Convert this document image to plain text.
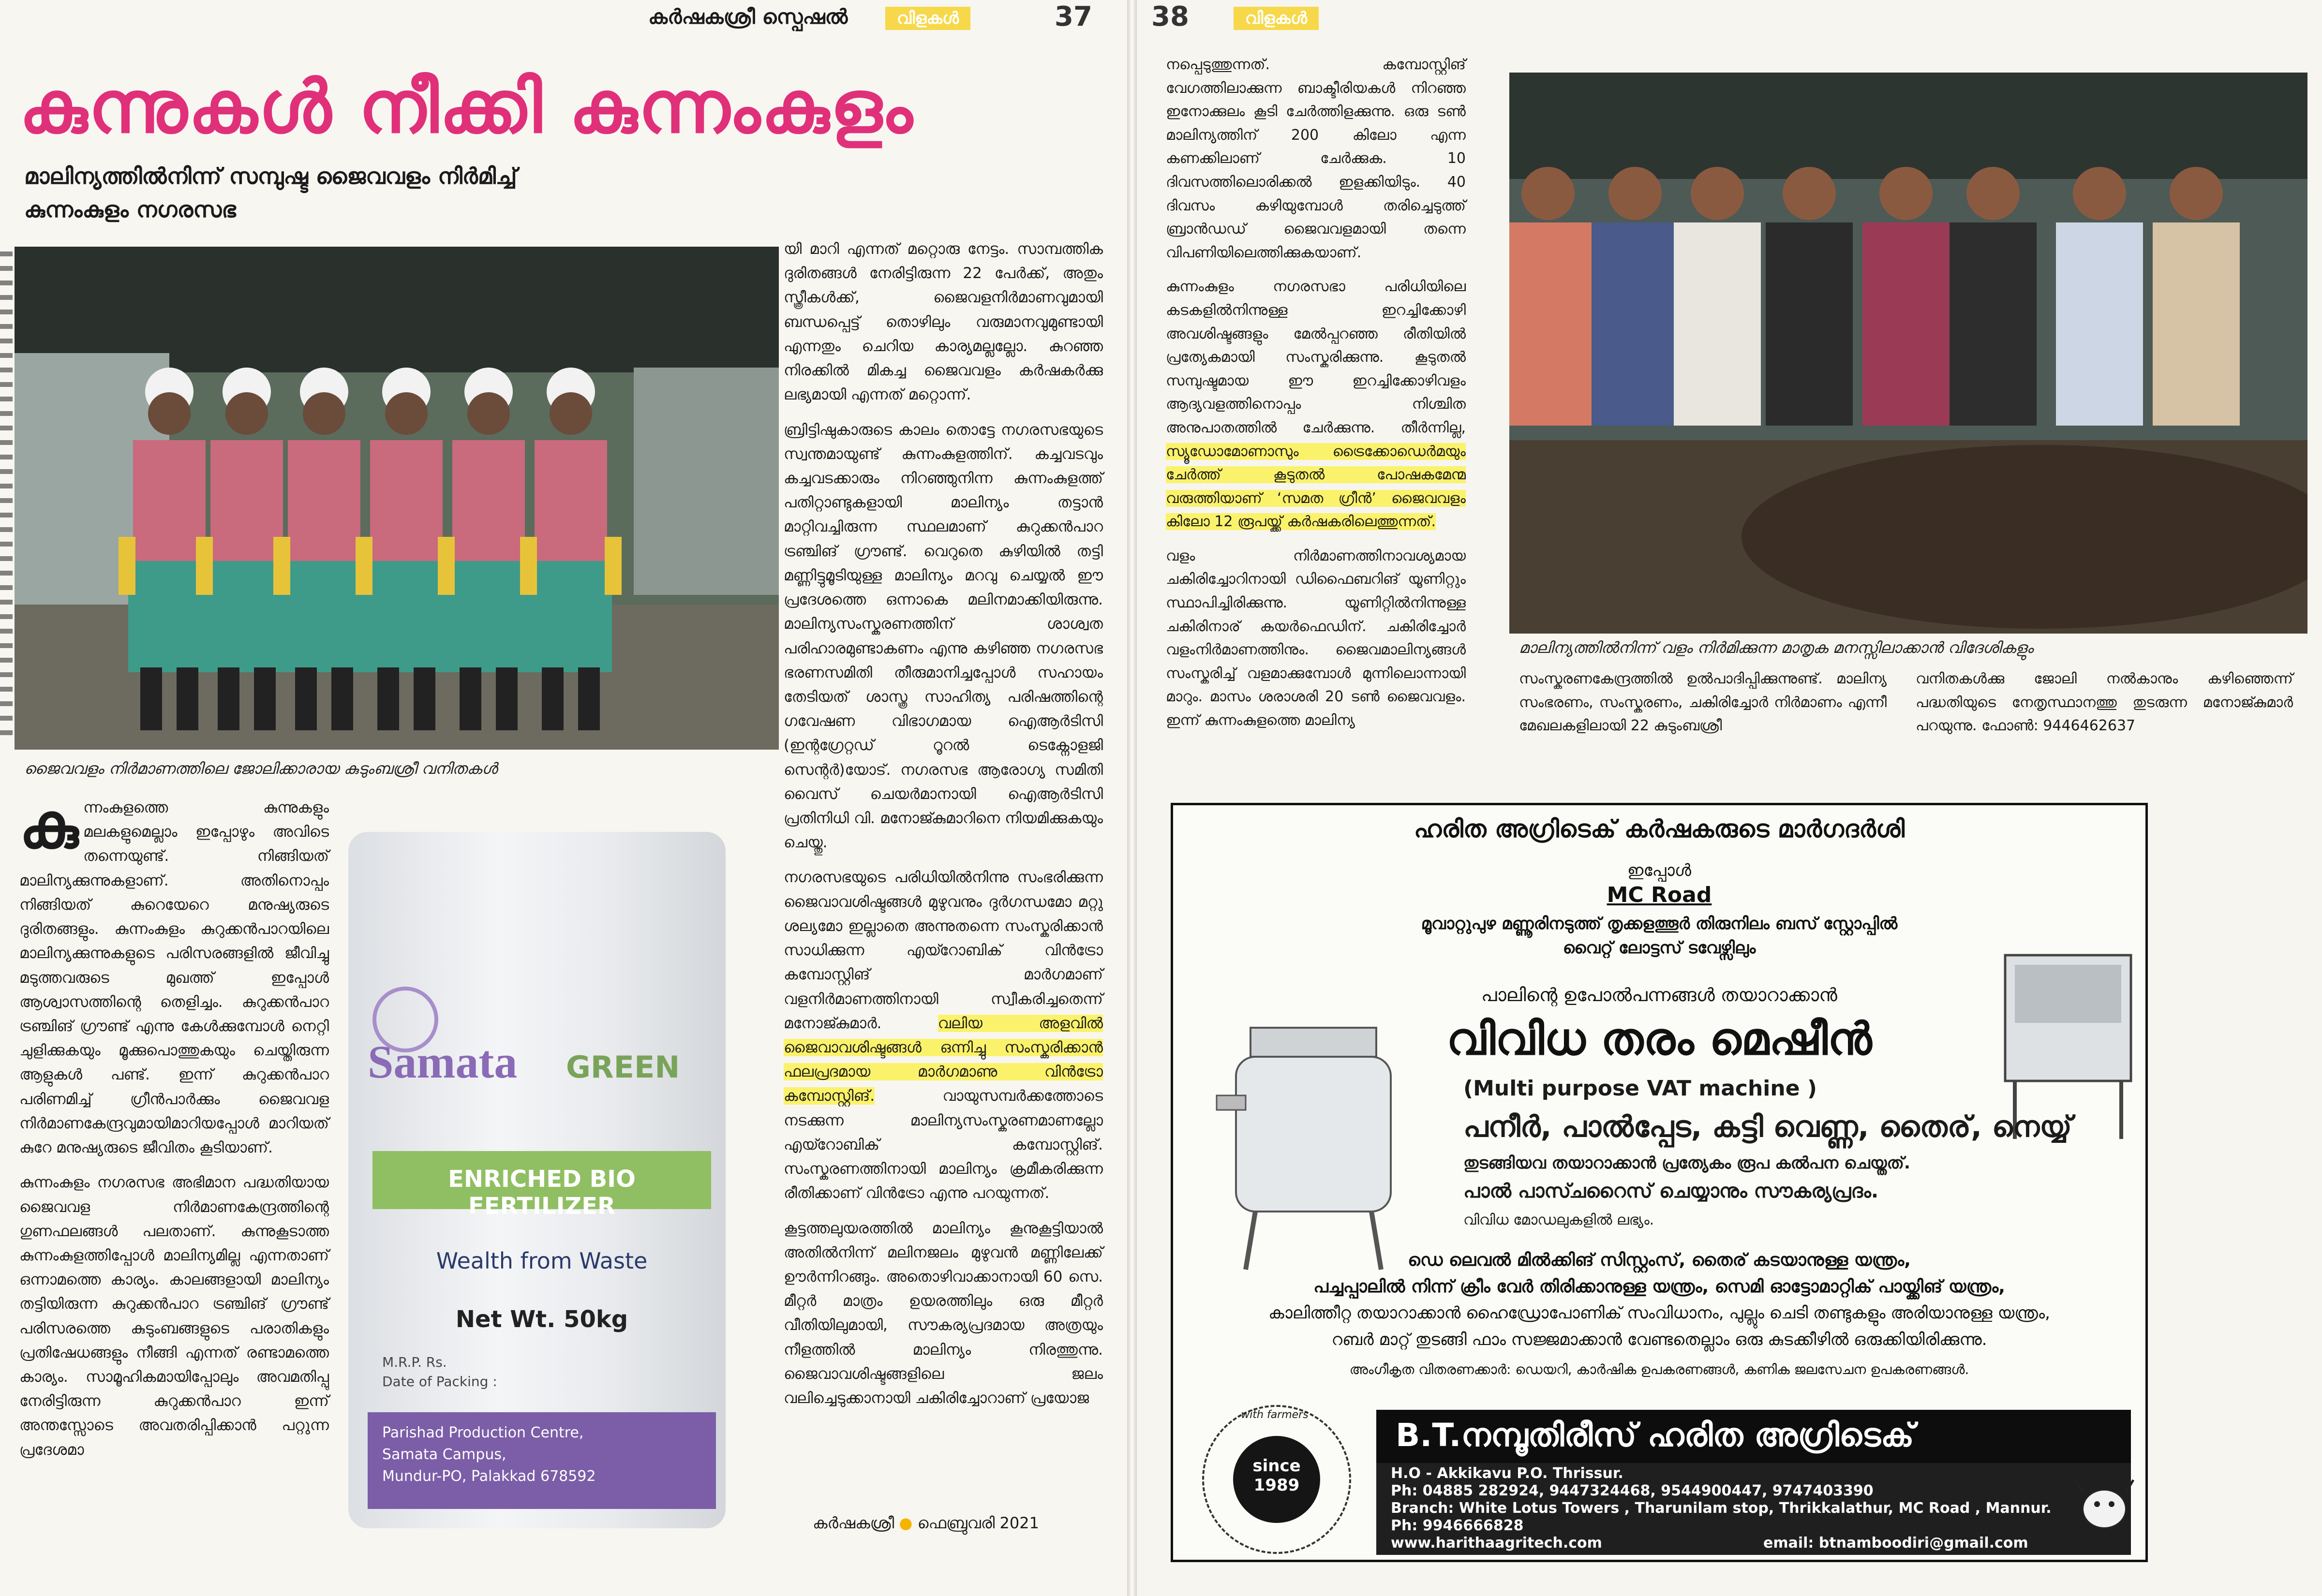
കർഷകശ്രീ സ്പെഷൽ	വിളകൾ	37
കുന്നുകൾ നീക്കി കുന്നംകുളം
മാലിന്യത്തിൽനിന്ന് സമ്പുഷ്ട ജൈവവളം നിർമിച്ച്
കുന്നംകുളം നഗരസഭ
ജൈവവളം നിർമാണത്തിലെ ജോലിക്കാരായ കുടുംബശ്രീ വനിതകൾ

കുന്നംകുളത്തെ കുന്നുകളും മലകളുമെല്ലാം ഇപ്പോഴും അവിടെ തന്നെയുണ്ട്. നിങ്ങിയത് മാലിന്യക്കുന്നുകളാണ്. അതിനൊപ്പം നിങ്ങിയത് കുറെയേറെ മനുഷ്യരുടെ ദുരിതങ്ങളും. കുന്നംകുളം കുറുക്കൻപാറയിലെ മാലിന്യക്കുന്നുകളുടെ പരിസരങ്ങളിൽ ജീവിച്ചു മടുത്തവരുടെ മുഖത്ത് ഇപ്പോൾ ആശ്വാസത്തിന്റെ തെളിച്ചം. കുറുക്കൻപാറ ട്രഞ്ചിങ് ഗ്രൗണ്ട് എന്നു കേൾക്കുമ്പോൾ നെറ്റി ചുളിക്കുകയും മൂക്കുപൊത്തുകയും ചെയ്തിരുന്ന ആളുകൾ പണ്ട്. ഇന്ന് കുറുക്കൻപാറ പരിണമിച്ച് ഗ്രീൻപാർക്കും ജൈവവള നിർമാണകേന്ദ്രവുമായിമാറിയപ്പോൾ മാറിയത് കുറേ മനുഷ്യരുടെ ജീവിതം കൂടിയാണ്.

കുന്നംകുളം നഗരസഭ അഭിമാന പദ്ധതിയായ ജൈവവള നിർമാണകേന്ദ്രത്തിന്റെ ഗുണഫലങ്ങൾ പലതാണ്. കുന്നുകൂടാത്ത കുന്നംകുളത്തിപ്പോൾ മാലിന്യമില്ല എന്നതാണ് ഒന്നാമത്തെ കാര്യം. കാലങ്ങളായി മാലിന്യം തട്ടിയിരുന്ന കുറുക്കൻപാറ ട്രഞ്ചിങ് ഗ്രൗണ്ട് പരിസരത്തെ കുടുംബങ്ങളുടെ പരാതികളും പ്രതിഷേധങ്ങളും നീങ്ങി എന്നത് രണ്ടാമത്തെ കാര്യം. സാമൂഹികമായിപ്പോലും അവമതിപ്പു നേരിട്ടിരുന്ന കുറുക്കൻപാറ ഇന്ന് അന്തസ്സോടെ അവതരിപ്പിക്കാൻ പറ്റുന്ന പ്രദേശമാ

Samata GREEN
ENRICHED BIO FERTILIZER
Wealth from Waste
Net Wt. 50kg
M.R.P. Rs.
Date of Packing :
Parishad Production Centre,
Samata Campus,
Mundur-PO, Palakkad 678592

യി മാറി എന്നത് മറ്റൊരു നേട്ടം. സാമ്പത്തിക ദുരിതങ്ങൾ നേരിട്ടിരുന്ന 22 പേർക്ക്, അതും സ്ത്രീകൾക്ക്, ജൈവളനിർമാണവുമായി ബന്ധപ്പെട്ട് തൊഴിലും വരുമാനവുമുണ്ടായി എന്നതും ചെറിയ കാര്യമല്ലല്ലോ. കുറഞ്ഞ നിരക്കിൽ മികച്ച ജൈവവളം കർഷകർക്കു ലഭ്യമായി എന്നത് മറ്റൊന്ന്.

ബ്രിട്ടിഷുകാരുടെ കാലം തൊട്ടേ നഗരസഭയുടെ സ്വന്തമായുണ്ട് കുന്നംകുളത്തിന്. കച്ചവടവും കച്ചവടക്കാരും നിറഞ്ഞുനിന്ന കുന്നംകുളത്ത് പതിറ്റാണ്ടുകളായി മാലിന്യം തട്ടാൻ മാറ്റിവച്ചിരുന്ന സ്ഥലമാണ് കുറുക്കൻപാറ ട്രഞ്ചിങ് ഗ്രൗണ്ട്. വെറുതെ കുഴിയിൽ തട്ടി മണ്ണിട്ടുമൂടിയുള്ള മാലിന്യം മറവു ചെയ്യൽ ഈ പ്രദേശത്തെ ഒന്നാകെ മലിനമാക്കിയിരുന്നു. മാലിന്യസംസ്കരണത്തിന് ശാശ്വത പരിഹാരമുണ്ടാകണം എന്നു കഴിഞ്ഞ നഗരസഭ ഭരണസമിതി തീരുമാനിച്ചപ്പോൾ സഹായം തേടിയത് ശാസ്ത്ര സാഹിത്യ പരിഷത്തിന്റെ ഗവേഷണ വിഭാഗമായ ഐആർടിസി (ഇന്റഗ്രേറ്റഡ് റൂറൽ ടെക്നോളജി സെന്റർ)യോട്. നഗരസഭ ആരോഗ്യ സമിതി വൈസ് ചെയർമാനായി ഐആർടിസി പ്രതിനിധി വി. മനോജ്കുമാറിനെ നിയമിക്കുകയും ചെയ്തു.

നഗരസഭയുടെ പരിധിയിൽനിന്നു സംഭരിക്കുന്ന ജൈവാവശിഷ്ടങ്ങൾ മുഴുവനും ദുർഗന്ധമോ മറ്റു ശല്യമോ ഇല്ലാതെ അന്നുതന്നെ സംസ്കരിക്കാൻ സാധിക്കുന്ന എയ്റോബിക് വിൻട്രോ കമ്പോസ്റ്റിങ് മാർഗമാണ് വളനിർമാണത്തിനായി സ്വീകരിച്ചതെന്ന് മനോജ്കുമാർ.	വലിയ അളവിൽ ജൈവാവശിഷ്ടങ്ങൾ ഒന്നിച്ചു സംസ്കരിക്കാൻ ഫലപ്രദമായ മാർഗമാണു വിൻട്രോ കമ്പോസ്റ്റിങ്.	വായുസമ്പർക്കത്തോടെ നടക്കുന്ന മാലിന്യസംസ്കരണമാണല്ലോ എയ്റോബിക് കമ്പോസ്റ്റിങ്. സംസ്കരണത്തിനായി മാലിന്യം ക്രമീകരിക്കുന്ന രീതിക്കാണ് വിൻട്രോ എന്നു പറയുന്നത്.

കൂട്ടത്തലുയരത്തിൽ മാലിന്യം കൂനുകൂട്ടിയാൽ അതിൽനിന്ന് മലിനജലം മുഴുവൻ മണ്ണിലേക്ക് ഊർന്നിറങ്ങും. അതൊഴിവാക്കാനായി 60 സെ. മീറ്റർ മാത്രം ഉയരത്തിലും ഒരു മീറ്റർ വീതിയിലുമായി, സൗകര്യപ്രദമായ അത്രയും നീളത്തിൽ മാലിന്യം നിരത്തുന്നു. ജൈവാവശിഷ്ടങ്ങളിലെ ജലം വലിച്ചെടുക്കാനായി ചകിരിച്ചോറാണ് പ്രയോജ

കർഷകശ്രീ ● ഫെബ്രുവരി 2021
38	വിളകൾ

നപ്പെടുത്തുന്നത്. കമ്പോസ്റ്റിങ് വേഗത്തിലാക്കുന്ന ബാക്ടീരിയകൾ നിറഞ്ഞ ഇനോക്കുലം കൂടി ചേർത്തിളക്കുന്നു. ഒരു ടൺ മാലിന്യത്തിന് 200 കിലോ എന്ന കണക്കിലാണ് ചേർക്കുക. 10 ദിവസത്തിലൊരിക്കൽ ഇളക്കിയിടും. 40 ദിവസം കഴിയുമ്പോൾ തരിച്ചെടുത്ത് ബ്രാൻഡഡ് ജൈവവളമായി തന്നെ വിപണിയിലെത്തിക്കുകയാണ്.

കുന്നംകുളം നഗരസഭാ പരിധിയിലെ കടകളിൽനിന്നുള്ള ഇറച്ചിക്കോഴി അവശിഷ്ടങ്ങളും മേൽപ്പറഞ്ഞ രീതിയിൽ പ്രത്യേകമായി സംസ്കരിക്കുന്നു. കൂടുതൽ സമ്പുഷ്ടമായ ഈ ഇറച്ചിക്കോഴിവളം ആദ്യവളത്തിനൊപ്പം നിശ്ചിത അനുപാതത്തിൽ ചേർക്കുന്നു. തീർന്നില്ല, സ്യൂഡോമോണാസും ട്രൈക്കോഡെർമയും ചേർത്ത് കൂടുതൽ പോഷകമേന്മ വരുത്തിയാണ് ‘സമത ഗ്രീൻ’ ജൈവവളം കിലോ 12 രൂപയ്ക്ക് കർഷകരിലെത്തുന്നത്.

വളം നിർമാണത്തിനാവശ്യമായ ചകിരിച്ചോറിനായി ഡിഫൈബറിങ് യൂണിറ്റും സ്ഥാപിച്ചിരിക്കുന്നു. യൂണിറ്റിൽനിന്നുള്ള ചകിരിനാര് കയർഫെഡിന്. ചകിരിച്ചോർ വളംനിർമാണത്തിനും. ജൈവമാലിന്യങ്ങൾ സംസ്കരിച്ച് വളമാക്കുമ്പോൾ മുന്നിലൊന്നായി മാറും. മാസം ശരാശരി 20 ടൺ ജൈവവളം. ഇന്ന് കുന്നംകുളത്തെ മാലിന്യ

മാലിന്യത്തിൽനിന്ന് വളം നിർമിക്കുന്ന മാതൃക മനസ്സിലാക്കാൻ വിദേശികളും

സംസ്കരണകേന്ദ്രത്തിൽ ഉൽപാദിപ്പിക്കുന്നുണ്ട്. മാലിന്യ സംഭരണം, സംസ്കരണം, ചകിരിച്ചോർ നിർമാണം എന്നീ മേഖലകളിലായി 22 കുടുംബശ്രീ

വനിതകൾക്കു ജോലി നൽകാനും കഴിഞ്ഞെന്ന് പദ്ധതിയുടെ നേതൃസ്ഥാനത്തു തുടരുന്ന മനോജ്കുമാർ പറയുന്നു. ഫോൺ: 9446462637

ഹരിത അഗ്രിടെക് കർഷകരുടെ മാർഗദർശി
ഇപ്പോൾ
MC Road
മൂവാറ്റുപുഴ മണ്ണൂരിനടുത്ത് തൃക്കളത്തൂർ തിരുനിലം ബസ് സ്റ്റോപ്പിൽ
വൈറ്റ് ലോട്ടസ് ടവേഴ്സിലും
പാലിന്റെ ഉപോൽപന്നങ്ങൾ തയാറാക്കാൻ
വിവിധ തരം മെഷീൻ
(Multi purpose VAT machine )
പനീർ, പാൽപ്പേട, കട്ടി വെണ്ണ, തൈര്, നെയ്യ്
തുടങ്ങിയവ തയാറാക്കാൻ പ്രത്യേകം രൂപ കൽപന ചെയ്തത്.
പാൽ പാസ്ചറൈസ് ചെയ്യാനും സൗകര്യപ്രദം.
വിവിധ മോഡലുകളിൽ ലഭ്യം.
ഡെ ലെവൽ മിൽക്കിങ് സിസ്റ്റംസ്, തൈര് കടയാനുള്ള യന്ത്രം,
പച്ചപ്പാലിൽ നിന്ന് ക്രീം വേർ തിരിക്കാനുള്ള യന്ത്രം, സെമി ഓട്ടോമാറ്റിക് പായ്ക്കിങ് യന്ത്രം,
കാലിത്തീറ്റ തയാറാക്കാൻ ഹൈഡ്രോപോണിക് സംവിധാനം, പുല്ലും ചെടി തണ്ടുകളും അരിയാനുള്ള യന്ത്രം,
റബർ മാറ്റ് തുടങ്ങി ഫാം സജ്ജമാക്കാൻ വേണ്ടതെല്ലാം ഒരു കുടക്കീഴിൽ ഒരുക്കിയിരിക്കുന്നു.
അംഗീകൃത വിതരണക്കാർ: ഡെയറി, കാർഷിക ഉപകരണങ്ങൾ, കണിക ജലസേചന ഉപകരണങ്ങൾ.
B.T.നമ്പൂതിരീസ് ഹരിത അഗ്രിടെക്
with farmers
since
1989
H.O - Akkikavu P.O. Thrissur.
Ph: 04885 282924, 9447324468, 9544900447, 9747403390
Branch: White Lotus Towers , Tharunilam stop, Thrikkalathur, MC Road , Mannur.
Ph: 9946666828
www.harithaagritech.com	email: btnamboodiri@gmail.com
